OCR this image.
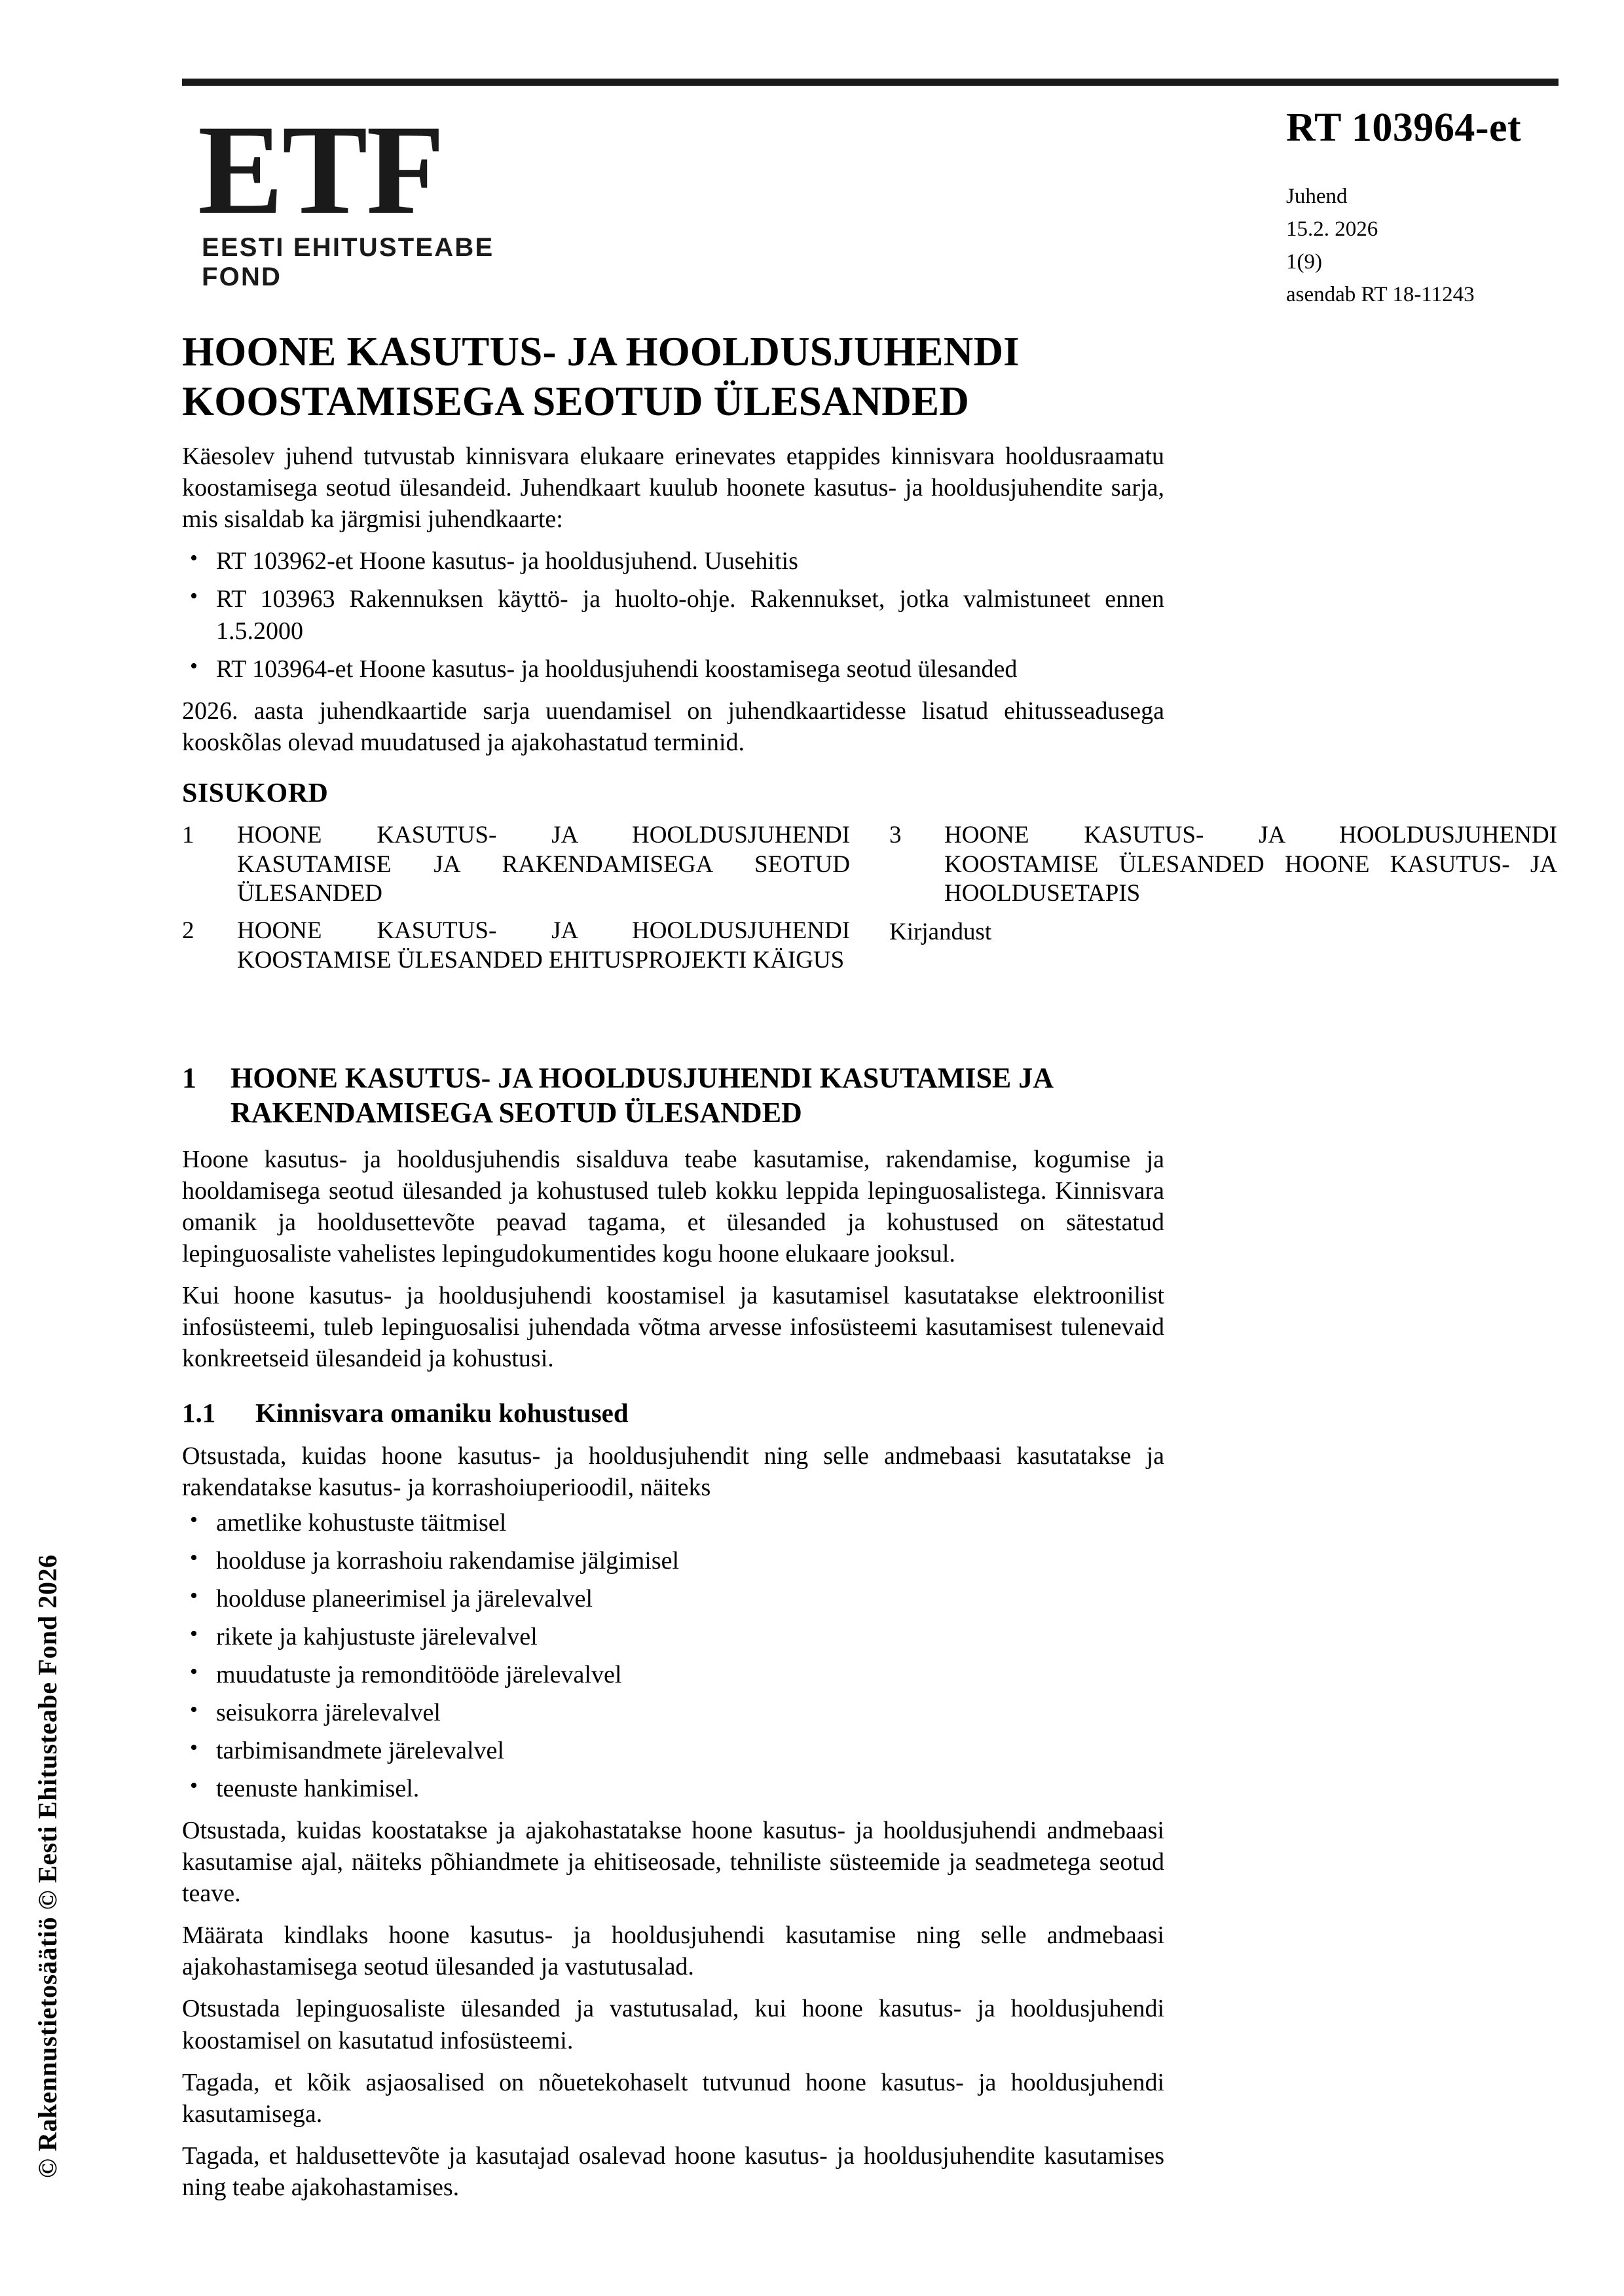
© Rakennustietosäätiö © Eesti Ehitusteabe Fond 2026
ETF
EESTI EHITUSTEABE FOND
RT 103964-et
Juhend
15.2. 2026
1(9)
asendab RT 18-11243
HOONE KASUTUS- JA HOOLDUSJUHENDI KOOSTAMISEGA SEOTUD ÜLESANDED

Käesolev juhend tutvustab kinnisvara elukaare erinevates etappides kinnisvara hooldusraamatu koostamisega seotud ülesandeid. Juhendkaart kuulub hoonete kasutus- ja hooldusjuhendite sarja, mis sisaldab ka järgmisi juhendkaarte:

• RT 103962-et Hoone kasutus- ja hooldusjuhend. Uusehitis
• RT 103963 Rakennuksen käyttö- ja huolto-ohje. Rakennukset, jotka valmistuneet ennen 1.5.2000
• RT 103964-et Hoone kasutus- ja hooldusjuhendi koostamisega seotud ülesanded

2026. aasta juhendkaartide sarja uuendamisel on juhendkaartidesse lisatud ehitusseadusega kooskõlas olevad muudatused ja ajakohastatud terminid.

SISUKORD
1 HOONE KASUTUS- JA HOOLDUSJUHENDI KASUTAMISE JA RAKENDAMISEGA SEOTUD ÜLESANDED
2 HOONE KASUTUS- JA HOOLDUSJUHENDI KOOSTAMISE ÜLESANDED EHITUSPROJEKTI KÄIGUS
3 HOONE KASUTUS- JA HOOLDUSJUHENDI KOOSTAMISE ÜLESANDED HOONE KASUTUS- JA HOOLDUSETAPIS
Kirjandust
1 HOONE KASUTUS- JA HOOLDUSJUHENDI KASUTAMISE JA RAKENDAMISEGA SEOTUD ÜLESANDED

Hoone kasutus- ja hooldusjuhendis sisalduva teabe kasutamise, rakendamise, kogumise ja hooldamisega seotud ülesanded ja kohustused tuleb kokku leppida lepinguosalistega. Kinnisvara omanik ja hooldusettevõte peavad tagama, et ülesanded ja kohustused on sätestatud lepinguosaliste vahelistes lepingudokumentides kogu hoone elukaare jooksul.

Kui hoone kasutus- ja hooldusjuhendi koostamisel ja kasutamisel kasutatakse elektroonilist infosüsteemi, tuleb lepinguosalisi juhendada võtma arvesse infosüsteemi kasutamisest tulenevaid konkreetseid ülesandeid ja kohustusi.

1.1 Kinnisvara omaniku kohustused

Otsustada, kuidas hoone kasutus- ja hooldusjuhendit ning selle andmebaasi kasutatakse ja rakendatakse kasutus- ja korrashoiuperioodil, näiteks

• ametlike kohustuste täitmisel
• hoolduse ja korrashoiu rakendamise jälgimisel
• hoolduse planeerimisel ja järelevalvel
• rikete ja kahjustuste järelevalvel
• muudatuste ja remonditööde järelevalvel
• seisukorra järelevalvel
• tarbimisandmete järelevalvel
• teenuste hankimisel.

Otsustada, kuidas koostatakse ja ajakohastatakse hoone kasutus- ja hooldusjuhendi andmebaasi kasutamise ajal, näiteks põhiandmete ja ehitiseosade, tehniliste süsteemide ja seadmetega seotud teave.

Määrata kindlaks hoone kasutus- ja hooldusjuhendi kasutamise ning selle andmebaasi ajakohastamisega seotud ülesanded ja vastutusalad.

Otsustada lepinguosaliste ülesanded ja vastutusalad, kui hoone kasutus- ja hooldusjuhendi koostamisel on kasutatud infosüsteemi.

Tagada, et kõik asjaosalised on nõuetekohaselt tutvunud hoone kasutus- ja hooldusjuhendi kasutamisega.

Tagada, et haldusettevõte ja kasutajad osalevad hoone kasutus- ja hooldusjuhendite kasutamises ning teabe ajakohastamises.
